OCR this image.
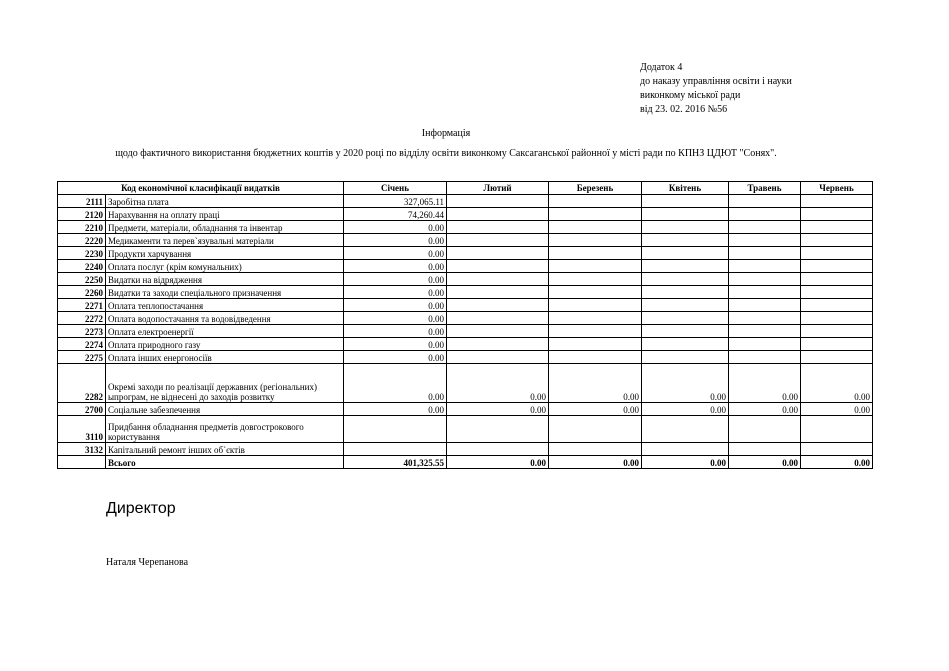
Додаток 4
до наказу управління освіти і науки
виконкому міської ради
від 23. 02. 2016 №56
Інформація
щодо фактичного використання бюджетних коштів у 2020 році по відділу освіти виконкому Саксаганської районної у місті ради по КПНЗ ЦДЮТ "Сонях".
Код економічної класифікації видатків		Січень	Лютий	Березень	Квітень	Травень	Червень
2111	Заробітна плата	327,065.11					
2120	Нарахування на оплату праці	74,260.44					
2210	Предмети, матеріали, обладнання та інвентар	0.00					
2220	Медикаменти та перев`язувальні матеріали	0.00					
2230	Продукти харчування	0.00					
2240	Оплата послуг (крім комунальних)	0.00					
2250	Видатки на відрядження	0.00					
2260	Видатки та заходи спеціального призначення	0.00					
2271	Оплата теплопостачання	0.00					
2272	Оплата водопостачання та водовідведення	0.00					
2273	Оплата електроенергії	0.00					
2274	Оплата природного газу	0.00					
2275	Оплата інших енергоносіїв	0.00					
2282	Окремі заходи по реалізації державних (регіональних) ыпрограм, не віднесені до заходів розвитку	0.00	0.00	0.00	0.00	0.00	0.00
2700	Соціальне забезпечення	0.00	0.00	0.00	0.00	0.00	0.00
3110	Придбання обладнання предметів довгострокового користування						
3132	Капітальний ремонт інших об`єктів						
	Всього	401,325.55	0.00	0.00	0.00	0.00	0.00
Директор
Наталя Черепанова
